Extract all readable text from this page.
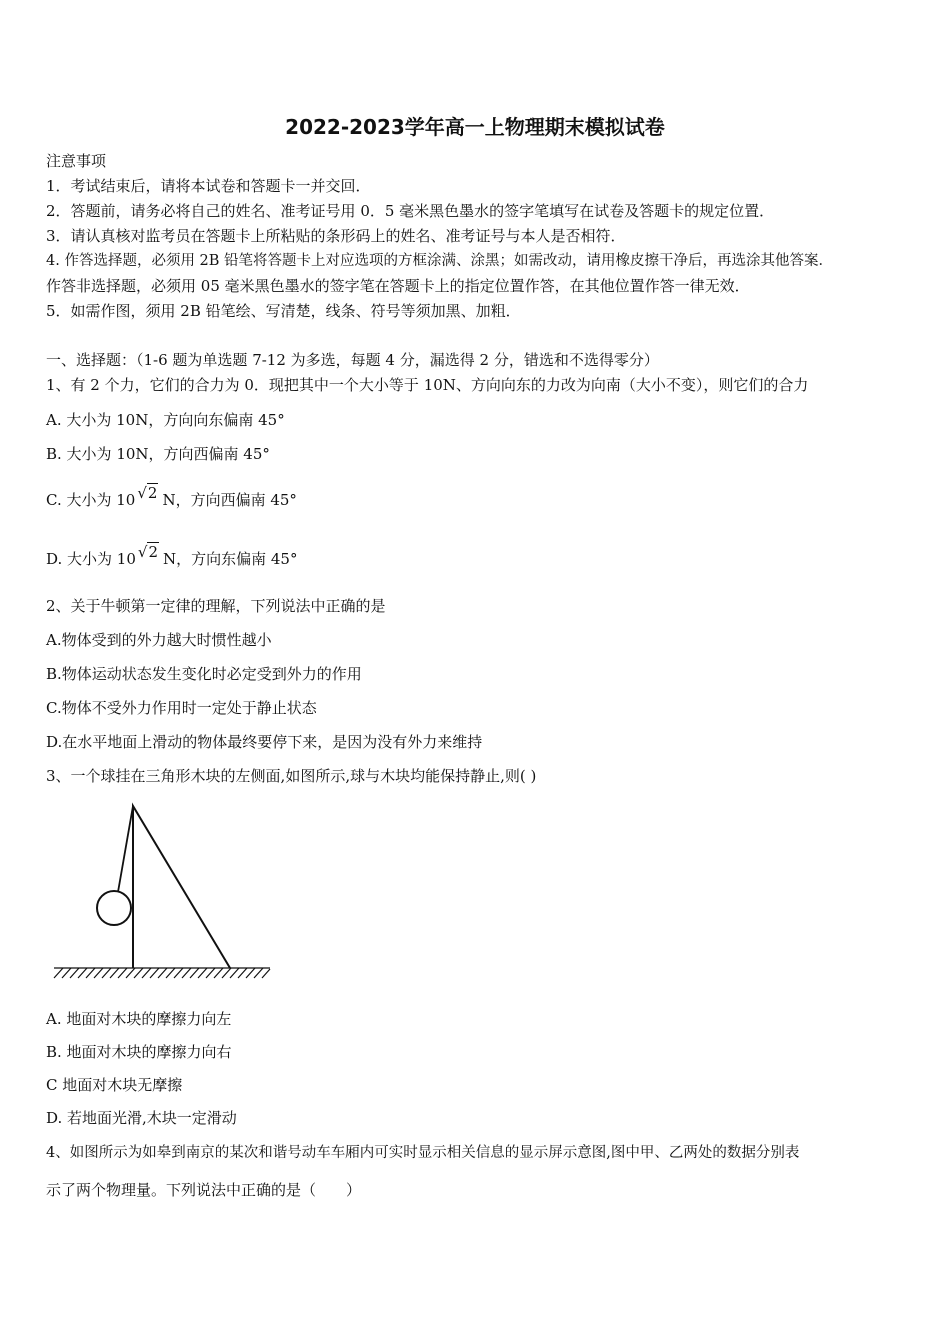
2022-2023学年高一上物理期末模拟试卷
注意事项
1．考试结束后，请将本试卷和答题卡一并交回．
2．答题前，请务必将自己的姓名、准考证号用 0．5 毫米黑色墨水的签字笔填写在试卷及答题卡的规定位置．
3．请认真核对监考员在答题卡上所粘贴的条形码上的姓名、准考证号与本人是否相符．
4. 作答选择题，必须用 2B 铅笔将答题卡上对应选项的方框涂满、涂黑；如需改动，请用橡皮擦干净后，再选涂其他答案．
作答非选择题，必须用 05 毫米黑色墨水的签字笔在答题卡上的指定位置作答，在其他位置作答一律无效．
5．如需作图，须用 2B 铅笔绘、写清楚，线条、符号等须加黑、加粗．
一、选择题：（1-6 题为单选题 7-12 为多选，每题 4 分，漏选得 2 分，错选和不选得零分）
1、有 2 个力，它们的合力为 0．现把其中一个大小等于 10N、方向向东的力改为向南（大小不变），则它们的合力
A. 大小为 10N，方向向东偏南 45°
B. 大小为 10N，方向西偏南 45°
C. 大小为 10 √2 N，方向西偏南 45°
D. 大小为 10 √2 N，方向东偏南 45°
2、关于牛顿第一定律的理解，下列说法中正确的是
A.物体受到的外力越大时惯性越小
B.物体运动状态发生变化时必定受到外力的作用
C.物体不受外力作用时一定处于静止状态
D.在水平地面上滑动的物体最终要停下来，是因为没有外力来维持
3、一个球挂在三角形木块的左侧面,如图所示,球与木块均能保持静止,则( )
A. 地面对木块的摩擦力向左
B. 地面对木块的摩擦力向右
C 地面对木块无摩擦
D. 若地面光滑,木块一定滑动
4、如图所示为如皋到南京的某次和谐号动车车厢内可实时显示相关信息的显示屏示意图,图中甲、乙两处的数据分别表
示了两个物理量。下列说法中正确的是（　　）
